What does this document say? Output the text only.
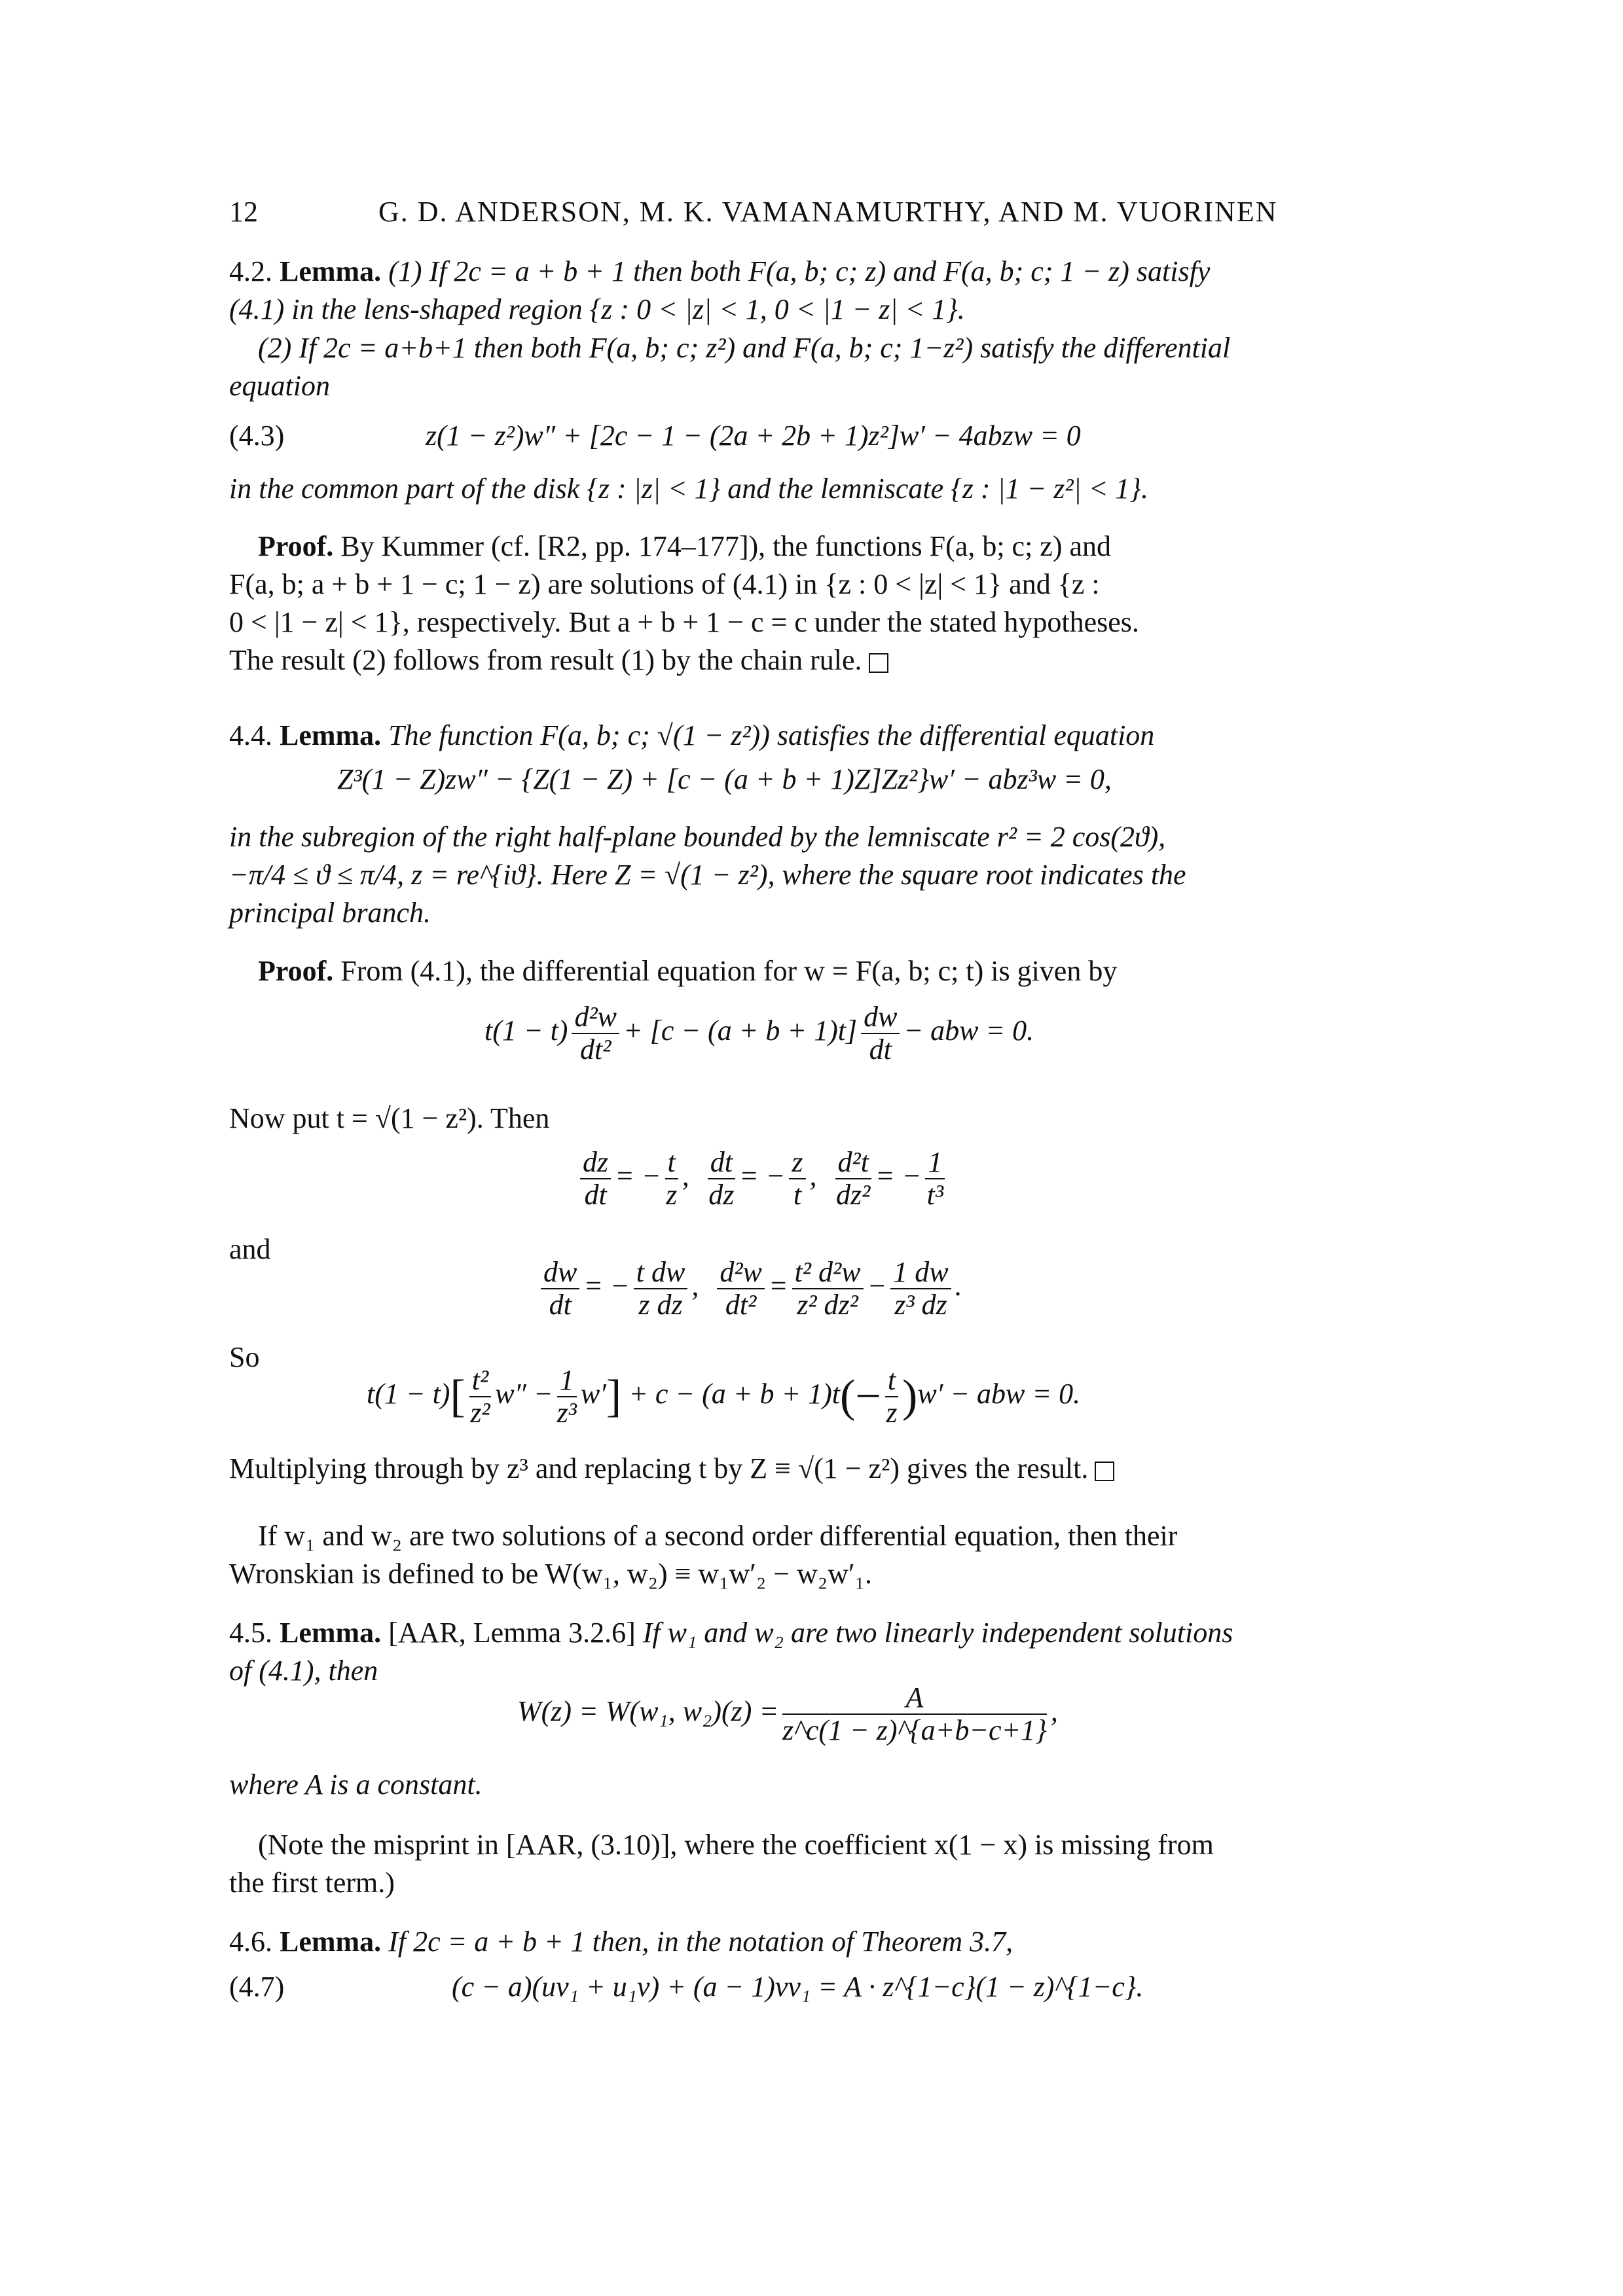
12	G. D. ANDERSON, M. K. VAMANAMURTHY, AND M. VUORINEN
4.2. Lemma. (1) If 2c = a + b + 1 then both F(a, b; c; z) and F(a, b; c; 1 − z) satisfy
(4.1) in the lens-shaped region {z : 0 < |z| < 1, 0 < |1 − z| < 1}.
(2) If 2c = a+b+1 then both F(a, b; c; z²) and F(a, b; c; 1−z²) satisfy the differential
equation
(4.3)	z(1 − z²)w″ + [2c − 1 − (2a + 2b + 1)z²]w′ − 4abzw = 0
in the common part of the disk {z : |z| < 1} and the lemniscate {z : |1 − z²| < 1}.
Proof. By Kummer (cf. [R2, pp. 174–177]), the functions F(a, b; c; z) and
F(a, b; a + b + 1 − c; 1 − z) are solutions of (4.1) in {z : 0 < |z| < 1} and {z :
0 < |1 − z| < 1}, respectively. But a + b + 1 − c = c under the stated hypotheses.
The result (2) follows from result (1) by the chain rule.
4.4. Lemma. The function F(a, b; c; √(1 − z²)) satisfies the differential equation
Z³(1 − Z)zw″ − {Z(1 − Z) + [c − (a + b + 1)Z]Zz²}w′ − abz³w = 0,
in the subregion of the right half-plane bounded by the lemniscate r² = 2 cos(2ϑ),
−π/4 ≤ ϑ ≤ π/4, z = re^{iϑ}. Here Z = √(1 − z²), where the square root indicates the
principal branch.
Proof. From (4.1), the differential equation for w = F(a, b; c; t) is given by
$t(1 - t) \frac{\text{d²w}}{\text{dt²}} + [c - (a + b + 1)t] \frac{dw}{dt}$ − abw = 0.
Now put t = √(1 − z²). Then
$\frac{dz}{dt}$ = − $\frac{t}{z}$ , $\frac{dt}{dz}$ = − $\frac{z}{t}$ , $\frac{\text{d²t}}{\text{dz²}}$ = − $\frac{1}{\text{t³}}$
and
$\frac{dw}{dt}$ = − $\frac{\text{t dw}}{\text{z dz}}$ , $\frac{\text{d²w}}{\text{dt²}} = \frac{\text{t² d²w}}{\text{z² dz²}} - \frac{1 dw}{\text{z³ dz}}$ .
So
$t(1 - t)[ \frac{\text{t²}}{\text{z²}} w'' - \frac{1}{\text{z³}} w'] + c - (a + b + 1)t(- \frac{t}{z} )w'$ − abw = 0.
Multiplying through by z³ and replacing t by Z ≡ √(1 − z²) gives the result.
If w₁ and w₂ are two solutions of a second order differential equation, then their
Wronskian is defined to be W(w₁, w₂) ≡ w₁w′₂ − w₂w′₁.
4.5. Lemma. [AAR, Lemma 3.2.6] If w₁ and w₂ are two linearly independent solutions
of (4.1), then
W(z) = W(w₁, $w_2)(z) = \frac{A}{z\^{}c(1 - z)\^{}\{a+b-c+1\}}$ ,
where A is a constant.
(Note the misprint in [AAR, (3.10)], where the coefficient x(1 − x) is missing from
the first term.)
4.6. Lemma. If 2c = a + b + 1 then, in the notation of Theorem 3.7,
(4.7)	(c − a)(uv₁ + u₁v) + (a − 1)vv₁ = A · z^{1−c}(1 − z)^{1−c}.
